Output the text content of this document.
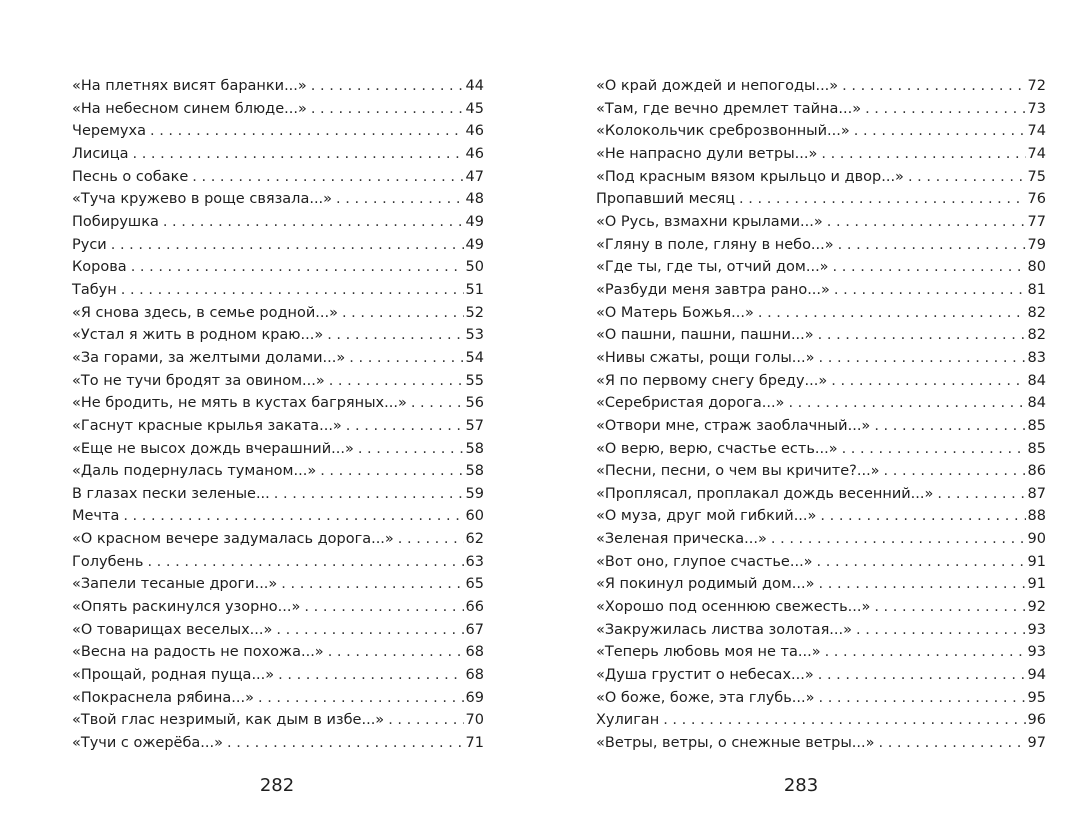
«На плетнях висят баранки...» . . .	44
«На небесном синем блюде...» . . .	45
Черемуха . . .	46
Лисица . . .	46
Песнь о собаке . . .	47
«Туча кружево в роще связала...» . . .	48
Побирушка . . .	49
Руси . . .	49
Корова . . .	50
Табун . . .	51
«Я снова здесь, в семье родной...» . . .	52
«Устал я жить в родном краю...» . . .	53
«За горами, за желтыми долами...» . . .	54
«То не тучи бродят за овином...» . . .	55
«Не бродить, не мять в кустах багряных...» . . .	56
«Гаснут красные крылья заката...» . . .	57
«Еще не высох дождь вчерашний...» . . .	58
«Даль подернулась туманом...» . . .	58
В глазах пески зеленые... . . .	59
Мечта . . .	60
«О красном вечере задумалась дорога...» . . .	62
Голубень . . .	63
«Запели тесаные дроги...» . . .	65
«Опять раскинулся узорно...» . . .	66
«О товарищах веселых...» . . .	67
«Весна на радость не похожа...» . . .	68
«Прощай, родная пуща...» . . .	68
«Покраснела рябина...» . . .	69
«Твой глас незримый, как дым в избе...» . . .	70
«Тучи с ожерёба...» . . .	71
282
«О край дождей и непогоды...» . . .	72
«Там, где вечно дремлет тайна...» . . .	73
«Колокольчик среброзвонный...» . . .	74
«Не напрасно дули ветры...» . . .	74
«Под красным вязом крыльцо и двор...» . . .	75
Пропавший месяц . . .	76
«О Русь, взмахни крылами...» . . .	77
«Гляну в поле, гляну в небо...» . . .	79
«Где ты, где ты, отчий дом...» . . .	80
«Разбуди меня завтра рано...» . . .	81
«О Матерь Божья...» . . .	82
«О пашни, пашни, пашни...» . . .	82
«Нивы сжаты, рощи голы...» . . .	83
«Я по первому снегу бреду...» . . .	84
«Серебристая дорога...» . . .	84
«Отвори мне, страж заоблачный...» . . .	85
«О верю, верю, счастье есть...» . . .	85
«Песни, песни, о чем вы кричите?...» . . .	86
«Проплясал, проплакал дождь весенний...» . . .	87
«О муза, друг мой гибкий...» . . .	88
«Зеленая прическа...» . . .	90
«Вот оно, глупое счастье...» . . .	91
«Я покинул родимый дом...» . . .	91
«Хорошо под осеннюю свежесть...» . . .	92
«Закружилась листва золотая...» . . .	93
«Теперь любовь моя не та...» . . .	93
«Душа грустит о небесах...» . . .	94
«О боже, боже, эта глубь...» . . .	95
Хулиган . . .	96
«Ветры, ветры, о снежные ветры...» . . .	97
283
